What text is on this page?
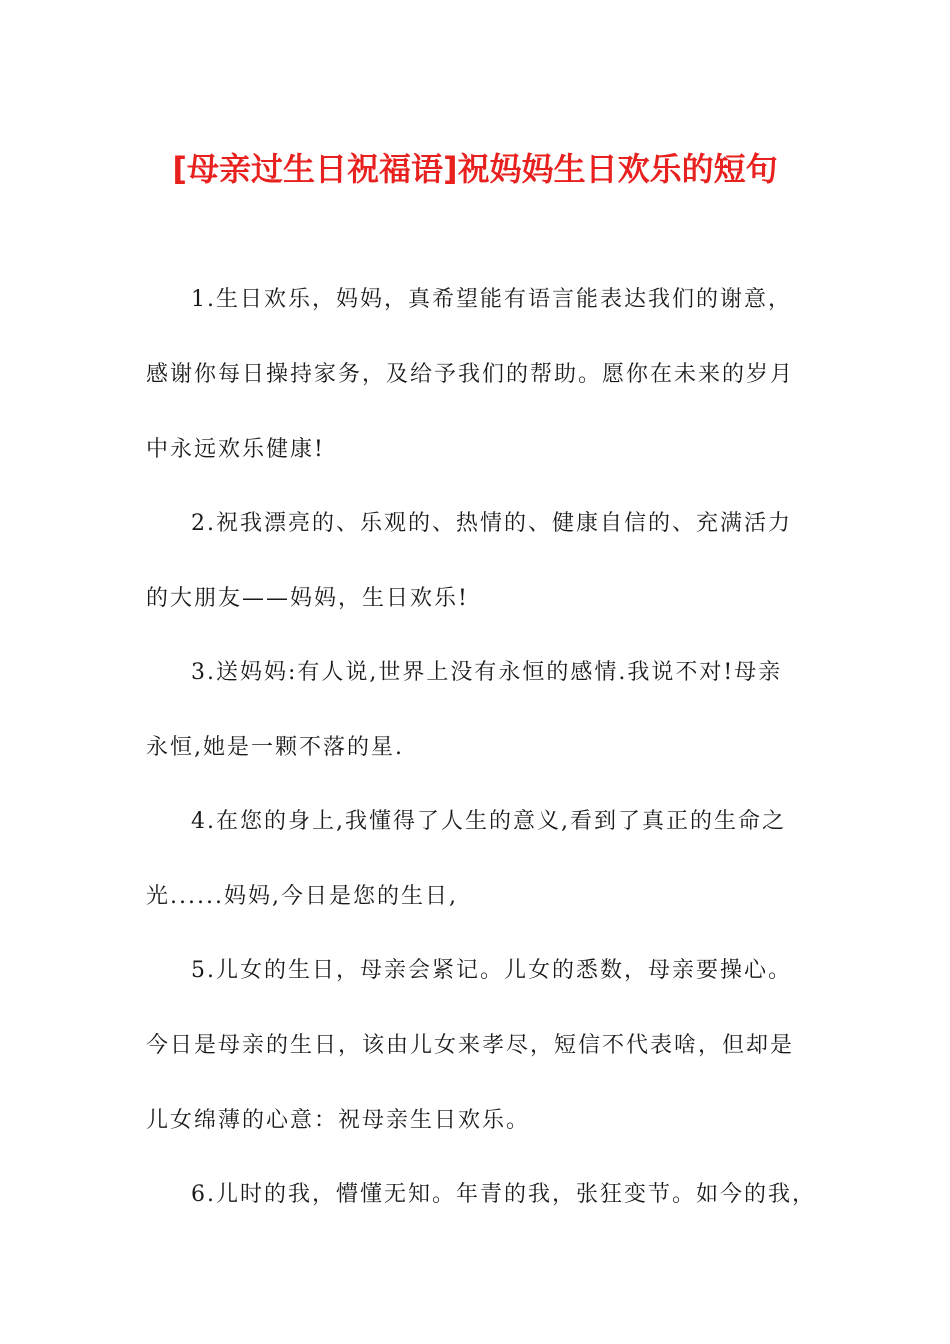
[母亲过生日祝福语]祝妈妈生日欢乐的短句
1.生日欢乐，妈妈，真希望能有语言能表达我们的谢意，
感谢你每日操持家务，及给予我们的帮助。愿你在未来的岁月
中永远欢乐健康!
2.祝我漂亮的、乐观的、热情的、健康自信的、充满活力
的大朋友——妈妈，生日欢乐!
3.送妈妈:有人说,世界上没有永恒的感情.我说不对!母亲
永恒,她是一颗不落的星.
4.在您的身上,我懂得了人生的意义,看到了真正的生命之
光......妈妈,今日是您的生日,
5.儿女的生日，母亲会紧记。儿女的悉数，母亲要操心。
今日是母亲的生日，该由儿女来孝尽，短信不代表啥，但却是
儿女绵薄的心意：祝母亲生日欢乐。
6.儿时的我，懵懂无知。年青的我，张狂变节。如今的我，
